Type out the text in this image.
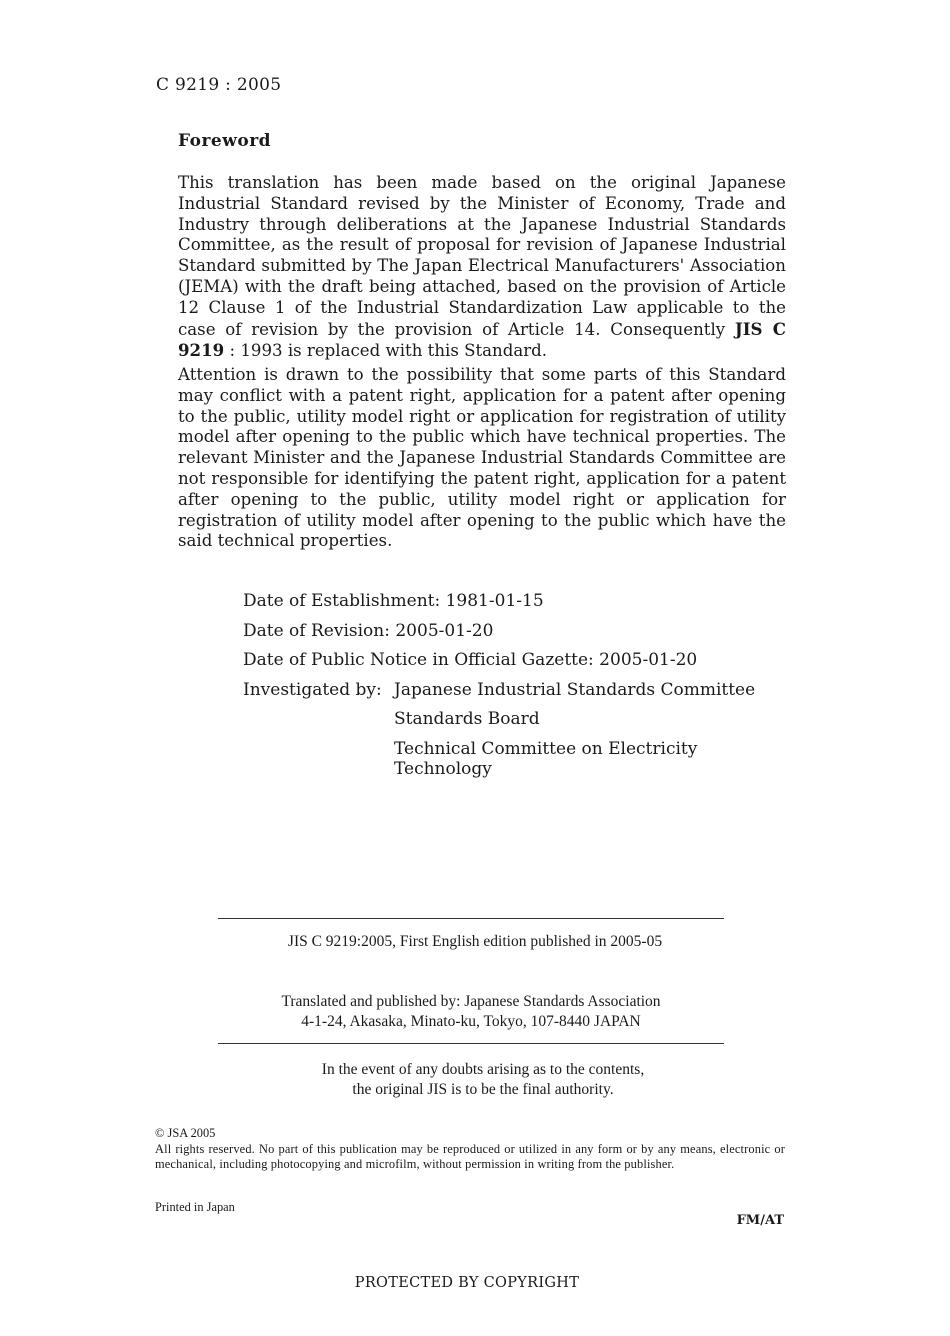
C 9219 : 2005
Foreword
This translation has been made based on the original Japanese Industrial Standard revised by the Minister of Economy, Trade and Industry through deliberations at the Japanese Industrial Standards Committee, as the result of proposal for revision of Japanese Industrial Standard submitted by The Japan Electrical Manufacturers' Association (JEMA) with the draft being attached, based on the provision of Article 12 Clause 1 of the Industrial Standardization Law applicable to the case of revision by the provision of Article 14. Consequently JIS C 9219 : 1993 is replaced with this Standard.
Attention is drawn to the possibility that some parts of this Standard may conflict with a patent right, application for a patent after opening to the public, utility model right or application for registration of utility model after opening to the public which have technical properties. The relevant Minister and the Japanese Industrial Standards Committee are not responsible for identifying the patent right, application for a patent after opening to the public, utility model right or application for registration of utility model after opening to the public which have the said technical properties.
Date of Establishment: 1981-01-15
Date of Revision: 2005-01-20
Date of Public Notice in Official Gazette: 2005-01-20
Investigated by: Japanese Industrial Standards Committee
Standards Board
Technical Committee on Electricity Technology
JIS C 9219:2005, First English edition published in 2005-05
Translated and published by: Japanese Standards Association
4-1-24, Akasaka, Minato-ku, Tokyo, 107-8440 JAPAN
In the event of any doubts arising as to the contents,
the original JIS is to be the final authority.
© JSA 2005
All rights reserved. No part of this publication may be reproduced or utilized in any form or by any means, electronic or mechanical, including photocopying and microfilm, without permission in writing from the publisher.
Printed in Japan
FM/AT
PROTECTED BY COPYRIGHT
